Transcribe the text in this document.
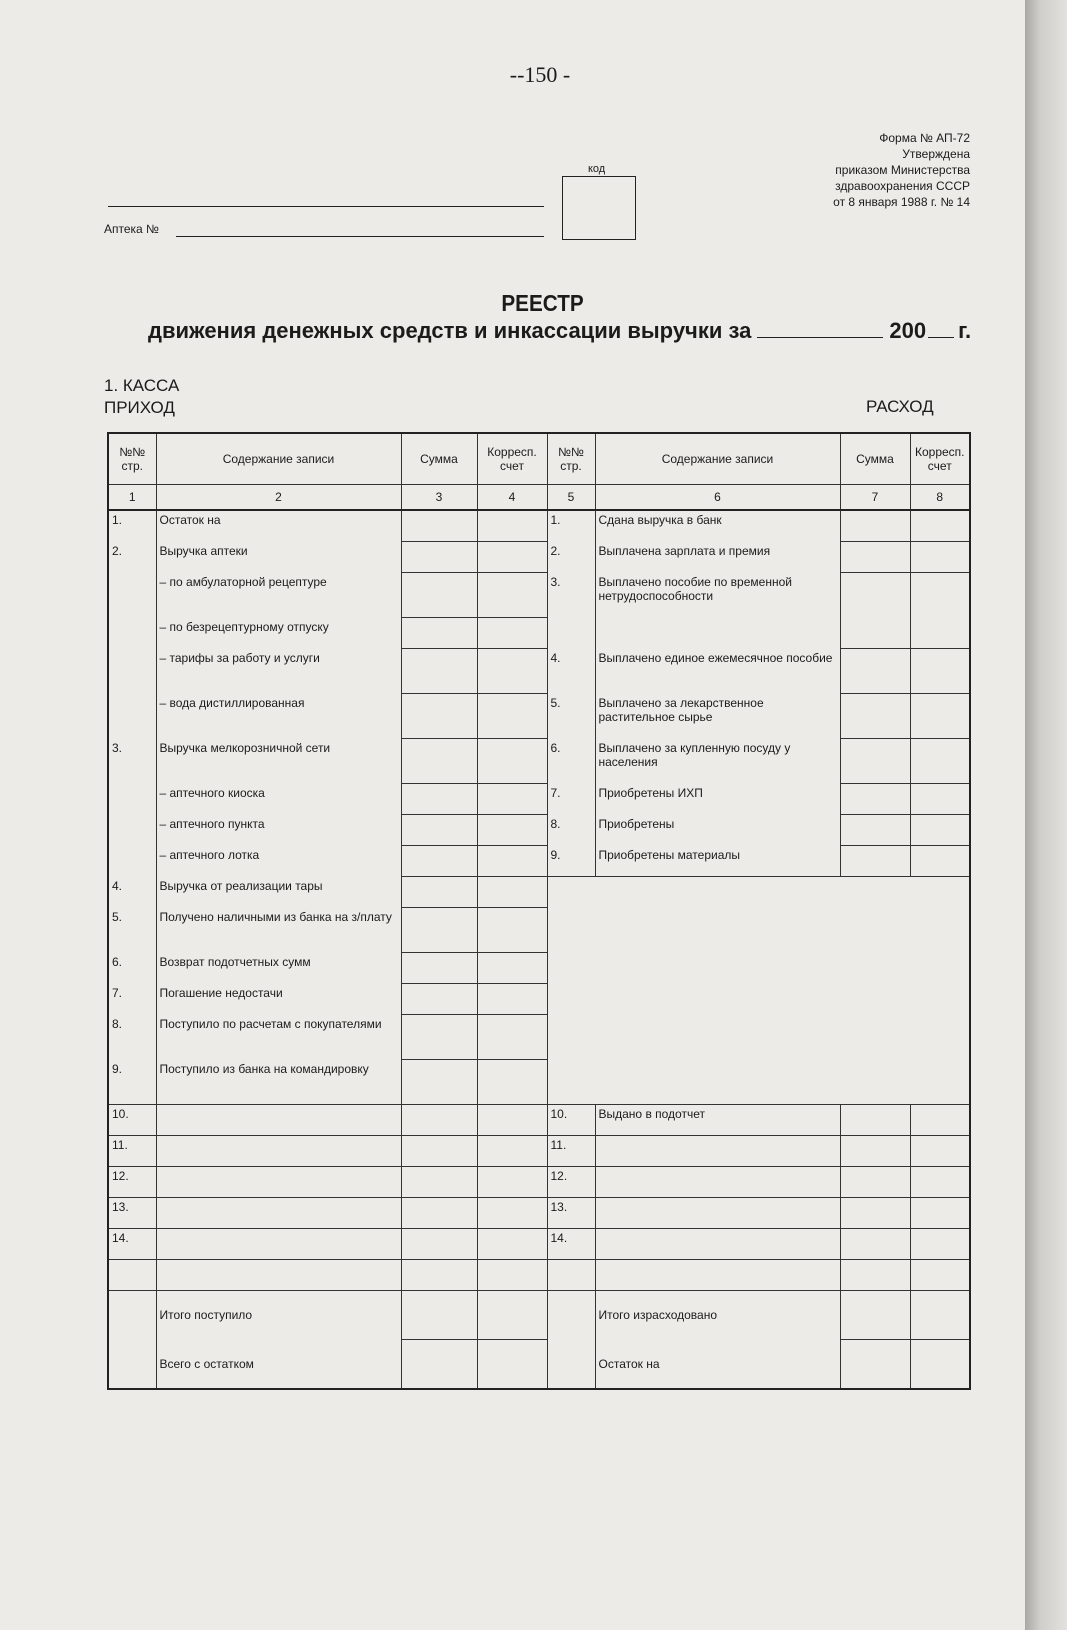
--150 -
Аптека №
код
Форма № АП-72
Утверждена
приказом Министерства
здравоохранения СССР
от 8 января 1988 г. № 14
РЕЕСТР
движения денежных средств и инкассации выручки за	200 г.
1. КАССА
ПРИХОД	РАСХОД
№№ стр.	Содержание записи	Сумма	Корресп. счет	№№ стр.	Содержание записи	Сумма	Корресп. счет
1	2	3	4	5	6	7	8
1.	Остаток на			1.	Сдана выручка в банк		
2.	Выручка аптеки			2.	Выплачена зарплата и премия		
	– по амбулаторной рецептуре			3.	Выплачено пособие по временной нетрудоспособности		
	– по безрецептурному отпуску						
	– тарифы за работу и услуги			4.	Выплачено единое ежемесячное пособие		
	– вода дистиллированная			5.	Выплачено за лекарственное растительное сырье		
3.	Выручка мелкорозничной сети			6.	Выплачено за купленную посуду у населения		
	– аптечного киоска			7.	Приобретены ИХП		
	– аптечного пункта			8.	Приобретены		
	– аптечного лотка			9.	Приобретены материалы		
4.	Выручка от реализации тары						
5.	Получено наличными из банка на з/плату						
6.	Возврат подотчетных сумм						
7.	Погашение недостачи						
8.	Поступило по расчетам с покупателями						
9.	Поступило из банка на командировку						
10.				10.	Выдано в подотчет		
11.				11.			
12.				12.			
13.				13.			
14.				14.			

	Итого поступило				Итого израсходовано		
	Всего с остатком				Остаток на		
